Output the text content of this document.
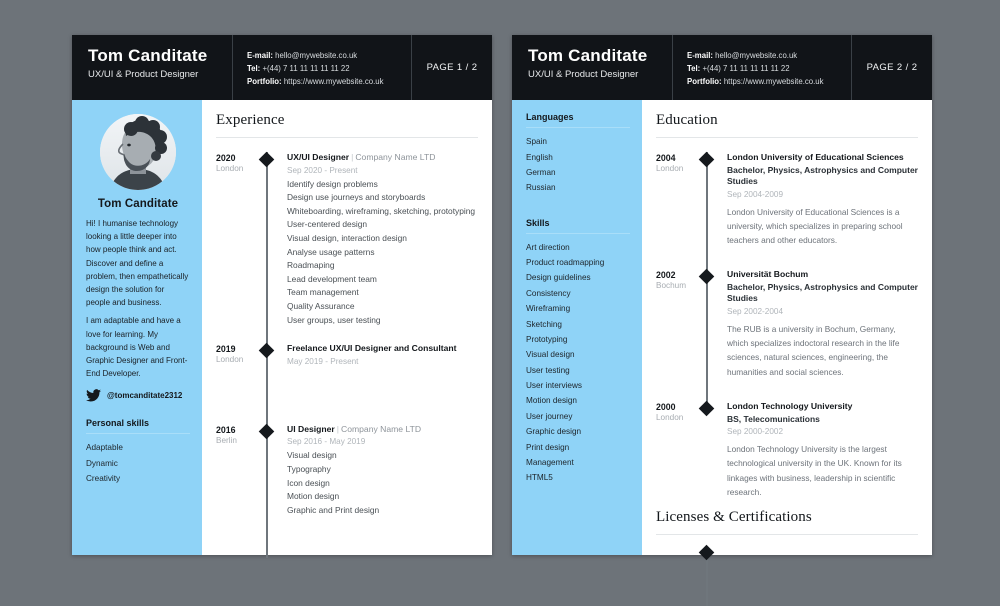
Tom Canditate
UX/UI & Product Designer
E-mail: hello@mywebsite.co.uk
Tel: +(44) 7 11 11 11 11 11 22
Portfolio: https://www.mywebsite.co.uk
PAGE 1 / 2
Tom Canditate

Hi! I humanise technology looking a little deeper into how people think and act. Discover and define a problem, then empathetically design the solution for people and business.

I am adaptable and have a love for learning. My background is Web and Graphic Designer and Front-End Developer.

@tomcanditate2312
Personal skills
Adaptable
Dynamic
Creativity
Experience
2020
London
UX/UI Designer | Company Name LTD
Sep 2020 - Present
Identify design problems
Design use journeys and storyboards
Whiteboarding, wireframing, sketching, prototyping
User-centered design
Visual design, interaction design
Analyse usage patterns
Roadmaping
Lead development team
Team management
Quality Assurance
User groups, user testing
2019
London
Freelance UX/UI Designer and Consultant
May 2019 - Present
2016
Berlin
UI Designer | Company Name LTD
Sep 2016 - May 2019
Visual design
Typography
Icon design
Motion design
Graphic and Print design
Tom Canditate
UX/UI & Product Designer
E-mail: hello@mywebsite.co.uk
Tel: +(44) 7 11 11 11 11 11 22
Portfolio: https://www.mywebsite.co.uk
PAGE 2 / 2
Languages
Spain
English
German
Russian
Skills
Art direction
Product roadmapping
Design guidelines
Consistency
Wireframing
Sketching
Prototyping
Visual design
User testing
User interviews
Motion design
User journey
Graphic design
Print design
Management
HTML5
Education
2004
London
London University of Educational Sciences
Bachelor, Physics, Astrophysics and Computer Studies
Sep 2004-2009
London University of Educational Sciences is a university, which specializes in preparing school teachers and other educators.
2002
Bochum
Universität Bochum
Bachelor, Physics, Astrophysics and Computer Studies
Sep 2002-2004
The RUB is a university in Bochum, Germany, which specializes indoctoral research in the life sciences, natural sciences, engineering, the humanities and social sciences.
2000
London
London Technology University
BS, Telecomunications
Sep 2000-2002
London Technology University is the largest technological university in the UK. Known for its linkages with business, leadership in scientific research.
Licenses & Certifications
